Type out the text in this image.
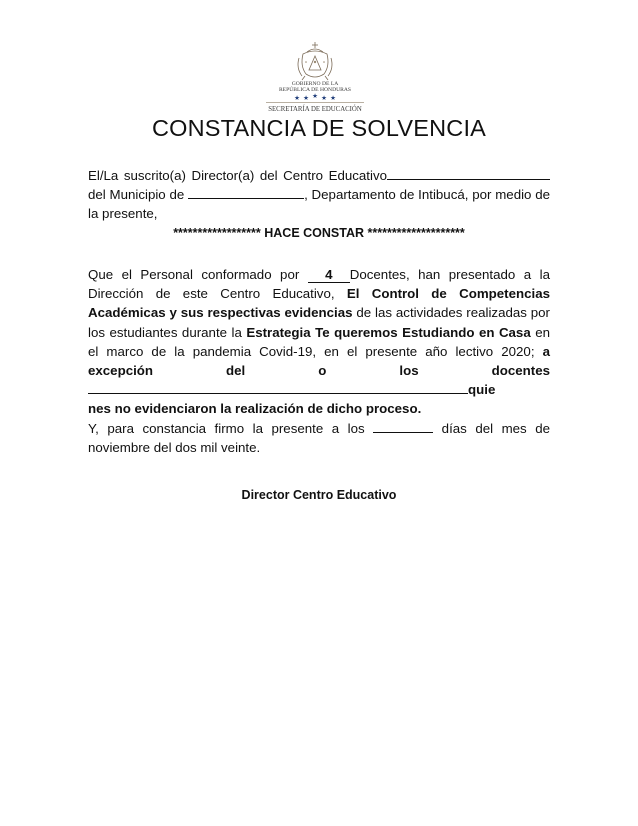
GOBIERNO DE LA
REPÚBLICA DE HONDURAS
★ ★ ★ ★ ★
SECRETARÍA DE EDUCACIÓN
CONSTANCIA DE SOLVENCIA
El/La suscrito(a) Director(a) del Centro Educativo del Municipio de	, Departamento de Intibucá, por medio de la presente,
****************** HACE CONSTAR ********************
Que el Personal conformado por 4 Docentes, han presentado a la Dirección de este Centro Educativo, El Control de Competencias Académicas y sus respectivas evidencias de las actividades realizadas por los estudiantes durante la Estrategia Te queremos Estudiando en Casa en el marco de la pandemia Covid-19, en el presente año lectivo 2020; a excepción del o los docentesquie
nes no evidenciaron la realización de dicho proceso.
Y, para constancia firmo la presente a los	días del mes de noviembre del dos mil veinte.
Director Centro Educativo
